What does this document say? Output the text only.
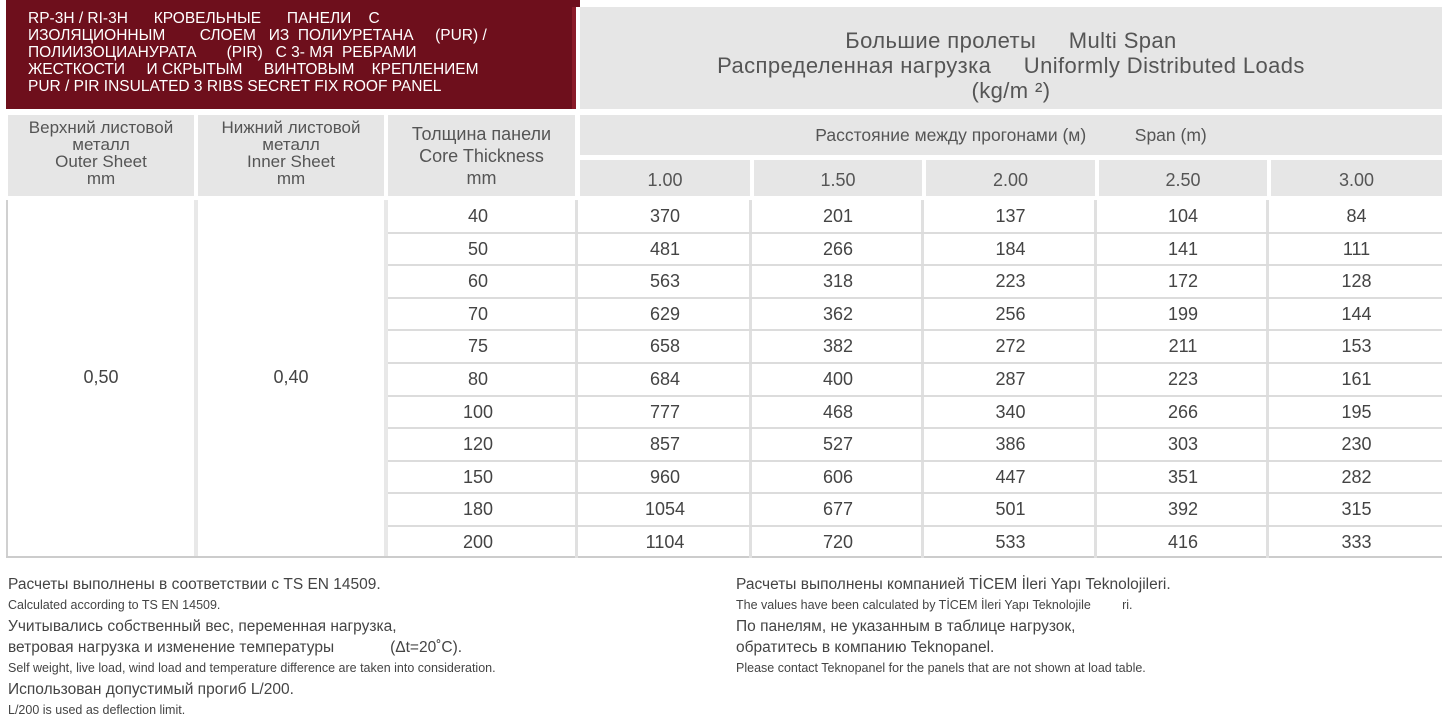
RP-3H / RI-3H      КРОВЕЛЬНЫЕ      ПАНЕЛИ    С
ИЗОЛЯЦИОННЫМ        СЛОЕМ   ИЗ  ПОЛИУРЕТАНА     (PUR) /
ПОЛИИЗОЦИАНУРАТА       (PIR)   С 3- МЯ  РЕБРАМИ
ЖЕСТКОСТИ     И СКРЫТЫМ     ВИНТОВЫМ    КРЕПЛЕНИЕМ
PUR / PIR INSULATED 3 RIBS SECRET FIX ROOF PANEL
Большие пролеты     Multi Span
Распределенная нагрузка     Uniformly Distributed Loads
(kg/m ²)
Верхний листовой
металл
Outer Sheet
mm
Нижний листовой
металл
Inner Sheet
mm
Толщина панели
Core Thickness
mm
Расстояние между прогонами (м)          Span (m)
1.00	1.50	2.00	2.50	3.00
0,50	0,40
40	370	201	137	104	84
50	481	266	184	141	111
60	563	318	223	172	128
70	629	362	256	199	144
75	658	382	272	211	153
80	684	400	287	223	161
100	777	468	340	266	195
120	857	527	386	303	230
150	960	606	447	351	282
180	1054	677	501	392	315
200	1104	720	533	416	333
Расчеты выполнены в соответствии с TS EN 14509.
Calculated according to TS EN 14509.
Учитывались собственный вес, переменная нагрузка,
ветровая нагрузка и изменение температуры             (Δt=20˚C).
Self weight, live load, wind load and temperature difference are taken into consideration.
Использован допустимый прогиб L/200.
L/200 is used as deflection limit.
Расчеты выполнены компанией TİCEM İleri Yapı Teknolojileri.
The values have been calculated by TİCEM İleri Yapı Teknolojile         ri.
По панелям, не указанным в таблице нагрузок,
обратитесь в компанию Teknopanel.
Please contact Teknopanel for the panels that are not shown at load table.
